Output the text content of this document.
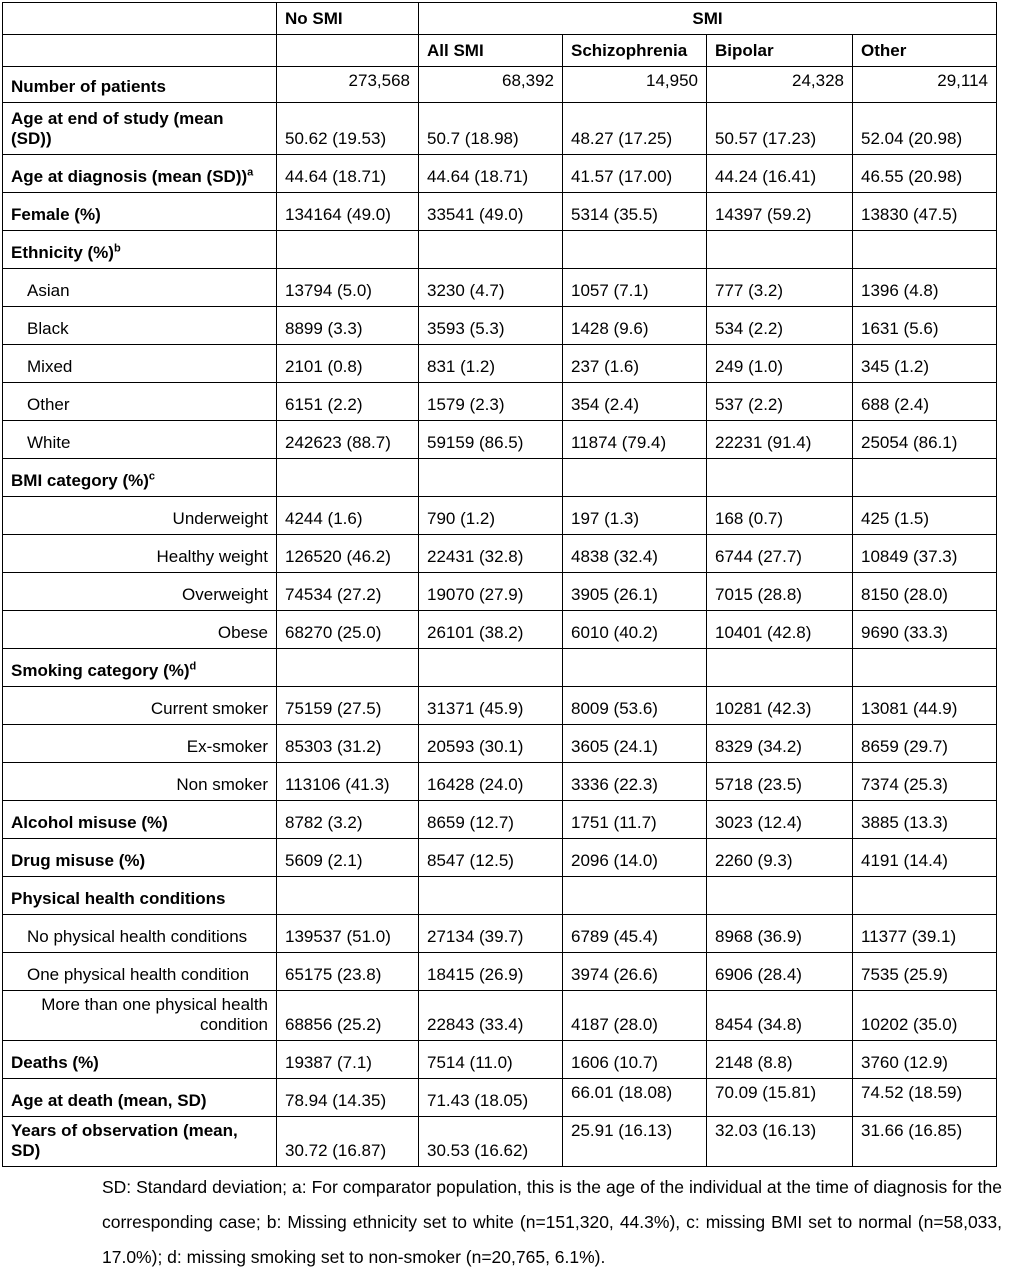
	No SMI	SMI			
		All SMI	Schizophrenia	Bipolar	Other
Number of patients	273,568	68,392	14,950	24,328	29,114
Age at end of study (mean (SD))	50.62 (19.53)	50.7 (18.98)	48.27 (17.25)	50.57 (17.23)	52.04 (20.98)
Age at diagnosis (mean (SD))$^a$	44.64 (18.71)	44.64 (18.71)	41.57 (17.00)	44.24 (16.41)	46.55 (20.98)
Female (%)	134164 (49.0)	33541 (49.0)	5314 (35.5)	14397 (59.2)	13830 (47.5)
Ethnicity (%)$^b$					
Asian	13794 (5.0)	3230 (4.7)	1057 (7.1)	777 (3.2)	1396 (4.8)
Black	8899 (3.3)	3593 (5.3)	1428 (9.6)	534 (2.2)	1631 (5.6)
Mixed	2101 (0.8)	831 (1.2)	237 (1.6)	249 (1.0)	345 (1.2)
Other	6151 (2.2)	1579 (2.3)	354 (2.4)	537 (2.2)	688 (2.4)
White	242623 (88.7)	59159 (86.5)	11874 (79.4)	22231 (91.4)	25054 (86.1)
BMI category (%)$^c$					
Underweight	4244 (1.6)	790 (1.2)	197 (1.3)	168 (0.7)	425 (1.5)
Healthy weight	126520 (46.2)	22431 (32.8)	4838 (32.4)	6744 (27.7)	10849 (37.3)
Overweight	74534 (27.2)	19070 (27.9)	3905 (26.1)	7015 (28.8)	8150 (28.0)
Obese	68270 (25.0)	26101 (38.2)	6010 (40.2)	10401 (42.8)	9690 (33.3)
Smoking category (%)$^d$					
Current smoker	75159 (27.5)	31371 (45.9)	8009 (53.6)	10281 (42.3)	13081 (44.9)
Ex-smoker	85303 (31.2)	20593 (30.1)	3605 (24.1)	8329 (34.2)	8659 (29.7)
Non smoker	113106 (41.3)	16428 (24.0)	3336 (22.3)	5718 (23.5)	7374 (25.3)
Alcohol misuse (%)	8782 (3.2)	8659 (12.7)	1751 (11.7)	3023 (12.4)	3885 (13.3)
Drug misuse (%)	5609 (2.1)	8547 (12.5)	2096 (14.0)	2260 (9.3)	4191 (14.4)
Physical health conditions					
No physical health conditions	139537 (51.0)	27134 (39.7)	6789 (45.4)	8968 (36.9)	11377 (39.1)
One physical health condition	65175 (23.8)	18415 (26.9)	3974 (26.6)	6906 (28.4)	7535 (25.9)
More than one physical health condition	68856 (25.2)	22843 (33.4)	4187 (28.0)	8454 (34.8)	10202 (35.0)
Deaths (%)	19387 (7.1)	7514 (11.0)	1606 (10.7)	2148 (8.8)	3760 (12.9)
Age at death (mean, SD)	78.94 (14.35)	71.43 (18.05)	66.01 (18.08)	70.09 (15.81)	74.52 (18.59)
Years of observation (mean, SD)	30.72 (16.87)	30.53 (16.62)	25.91 (16.13)	32.03 (16.13)	31.66 (16.85)
SD: Standard deviation; a: For comparator population, this is the age of the individual at the time of diagnosis for the corresponding case; b: Missing ethnicity set to white (n=151,320, 44.3%), c: missing BMI set to normal (n=58,033, 17.0%); d: missing smoking set to non-smoker (n=20,765, 6.1%).
